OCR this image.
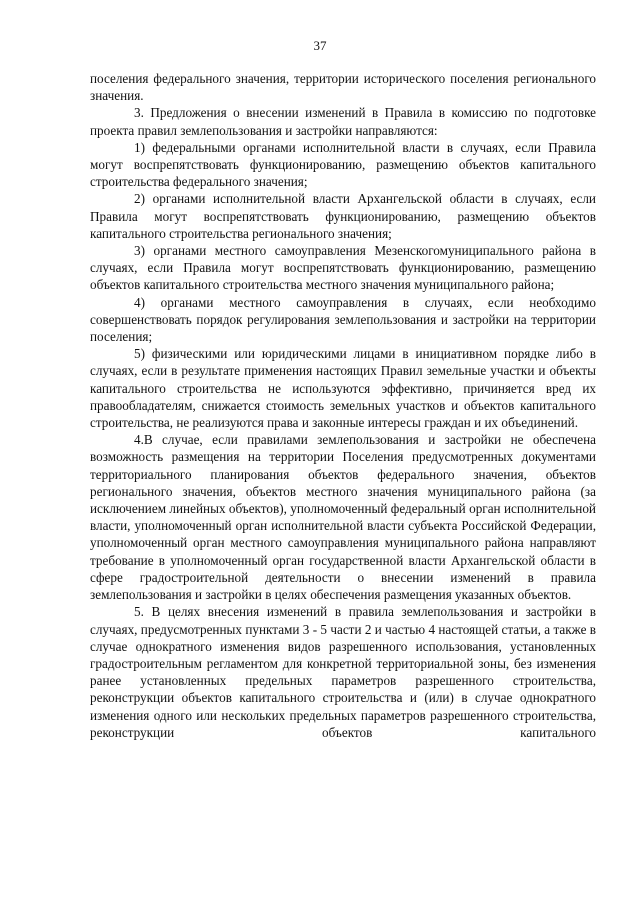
37

поселения федерального значения, территории исторического поселения регионального значения.

3. Предложения о внесении изменений в Правила в комиссию по подготовке проекта правил землепользования и застройки направляются:

1) федеральными органами исполнительной власти в случаях, если Правила могут воспрепятствовать функционированию, размещению объектов капитального строительства федерального значения;

2) органами исполнительной власти Архангельской области в случаях, если Правила могут воспрепятствовать функционированию, размещению объектов капитального строительства регионального значения;

3) органами местного самоуправления Мезенскогомуниципального района в случаях, если Правила могут воспрепятствовать функционированию, размещению объектов капитального строительства местного значения муниципального района;

4) органами местного самоуправления в случаях, если необходимо совершенствовать порядок регулирования землепользования и застройки на территории поселения;

5) физическими или юридическими лицами в инициативном порядке либо в случаях, если в результате применения настоящих Правил земельные участки и объекты капитального строительства не используются эффективно, причиняется вред их правообладателям, снижается стоимость земельных участков и объектов капитального строительства, не реализуются права и законные интересы граждан и их объединений.

4.В случае, если правилами землепользования и застройки не обеспечена возможность размещения на территории Поселения предусмотренных документами территориального планирования объектов федерального значения, объектов регионального значения, объектов местного значения муниципального района (за исключением линейных объектов), уполномоченный федеральный орган исполнительной власти, уполномоченный орган исполнительной власти субъекта Российской Федерации, уполномоченный орган местного самоуправления муниципального района направляют требование в уполномоченный орган государственной власти Архангельской области в сфере градостроительной деятельности о внесении изменений в правила землепользования и застройки в целях обеспечения размещения указанных объектов.

5. В целях внесения изменений в правила землепользования и застройки в случаях, предусмотренных пунктами 3 - 5 части 2 и частью 4 настоящей статьи, а также в случае однократного изменения видов разрешенного использования, установленных градостроительным регламентом для конкретной территориальной зоны, без изменения ранее установленных предельных параметров разрешенного строительства, реконструкции объектов капитального строительства и (или) в случае однократного изменения одного или нескольких предельных параметров разрешенного строительства, реконструкции объектов капитального
